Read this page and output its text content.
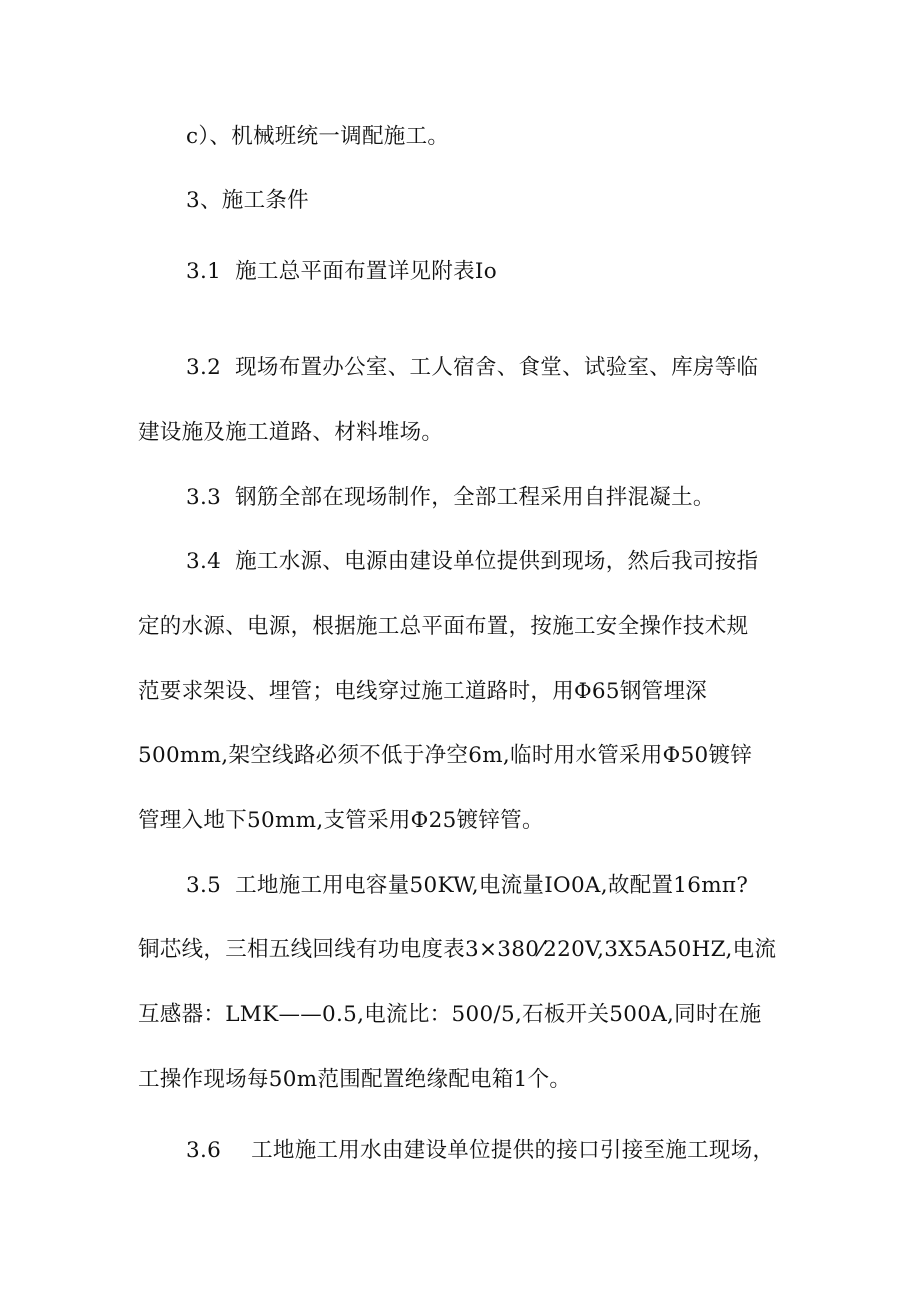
c）、机械班统一调配施工。
3、施工条件
3.1 施工总平面布置详见附表Io
3.2 现场布置办公室、工人宿舍、食堂、试验室、库房等临
建设施及施工道路、材料堆场。
3.3 钢筋全部在现场制作，全部工程采用自拌混凝土。
3.4 施工水源、电源由建设单位提供到现场，然后我司按指
定的水源、电源，根据施工总平面布置，按施工安全操作技术规
范要求架设、埋管；电线穿过施工道路时，用Φ65钢管埋深
500mm,架空线路必须不低于净空6m,临时用水管采用Φ50镀锌
管理入地下50mm,支管采用Φ25镀锌管。
3.5 工地施工用电容量50KW,电流量IO0A,故配置16mπ?
铜芯线，三相五线回线有功电度表3×380⁄220V,3X5A50HZ,电流
互感器：LMK——0.5,电流比：500/5,石板开关500A,同时在施
工操作现场每50m范围配置绝缘配电箱1个。
3.6 工地施工用水由建设单位提供的接口引接至施工现场，
